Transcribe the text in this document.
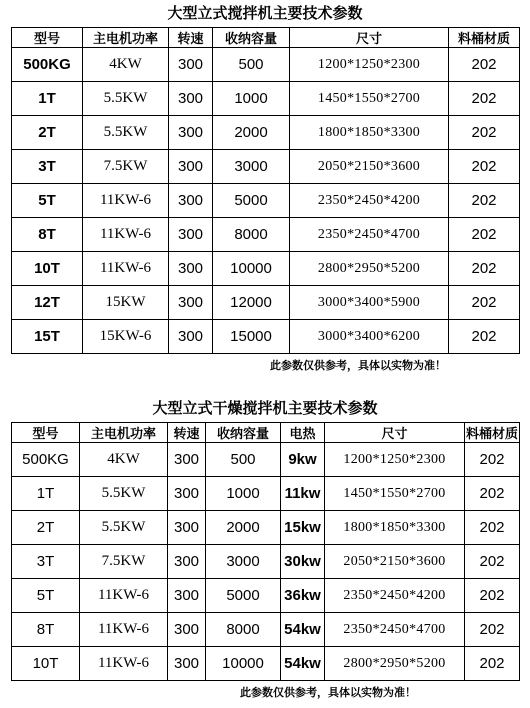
大型立式搅拌机主要技术参数
型号	主电机功率	转速	收纳容量	尺寸	料桶材质
500KG	4KW	300	500	1200*1250*2300	202
1T	5.5KW	300	1000	1450*1550*2700	202
2T	5.5KW	300	2000	1800*1850*3300	202
3T	7.5KW	300	3000	2050*2150*3600	202
5T	11KW-6	300	5000	2350*2450*4200	202
8T	11KW-6	300	8000	2350*2450*4700	202
10T	11KW-6	300	10000	2800*2950*5200	202
12T	15KW	300	12000	3000*3400*5900	202
15T	15KW-6	300	15000	3000*3400*6200	202
此参数仅供参考，具体以实物为准！
大型立式干燥搅拌机主要技术参数
型号	主电机功率	转速	收纳容量	电热	尺寸	料桶材质
500KG	4KW	300	500	9kw	1200*1250*2300	202
1T	5.5KW	300	1000	11kw	1450*1550*2700	202
2T	5.5KW	300	2000	15kw	1800*1850*3300	202
3T	7.5KW	300	3000	30kw	2050*2150*3600	202
5T	11KW-6	300	5000	36kw	2350*2450*4200	202
8T	11KW-6	300	8000	54kw	2350*2450*4700	202
10T	11KW-6	300	10000	54kw	2800*2950*5200	202
此参数仅供参考，具体以实物为准！
